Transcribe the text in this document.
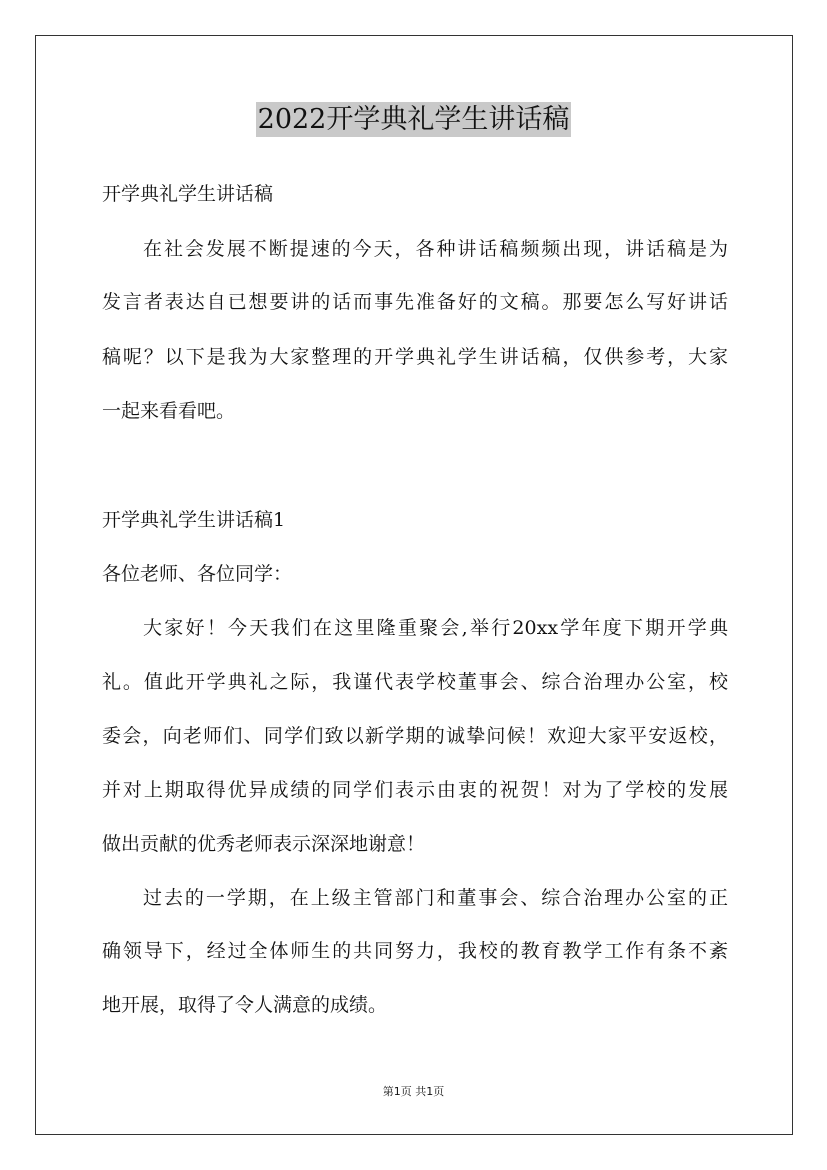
2022开学典礼学生讲话稿
开学典礼学生讲话稿
在社会发展不断提速的今天，各种讲话稿频频出现，讲话稿是为
发言者表达自已想要讲的话而事先准备好的文稿。那要怎么写好讲话
稿呢？以下是我为大家整理的开学典礼学生讲话稿，仅供参考，大家
一起来看看吧。
开学典礼学生讲话稿1
各位老师、各位同学：
大家好！今天我们在这里隆重聚会,举行20xx学年度下期开学典
礼。值此开学典礼之际，我谨代表学校董事会、综合治理办公室，校
委会，向老师们、同学们致以新学期的诚挚问候！欢迎大家平安返校，
并对上期取得优异成绩的同学们表示由衷的祝贺！对为了学校的发展
做出贡献的优秀老师表示深深地谢意！
过去的一学期，在上级主管部门和董事会、综合治理办公室的正
确领导下，经过全体师生的共同努力，我校的教育教学工作有条不紊
地开展，取得了令人满意的成绩。
第1页 共1页
